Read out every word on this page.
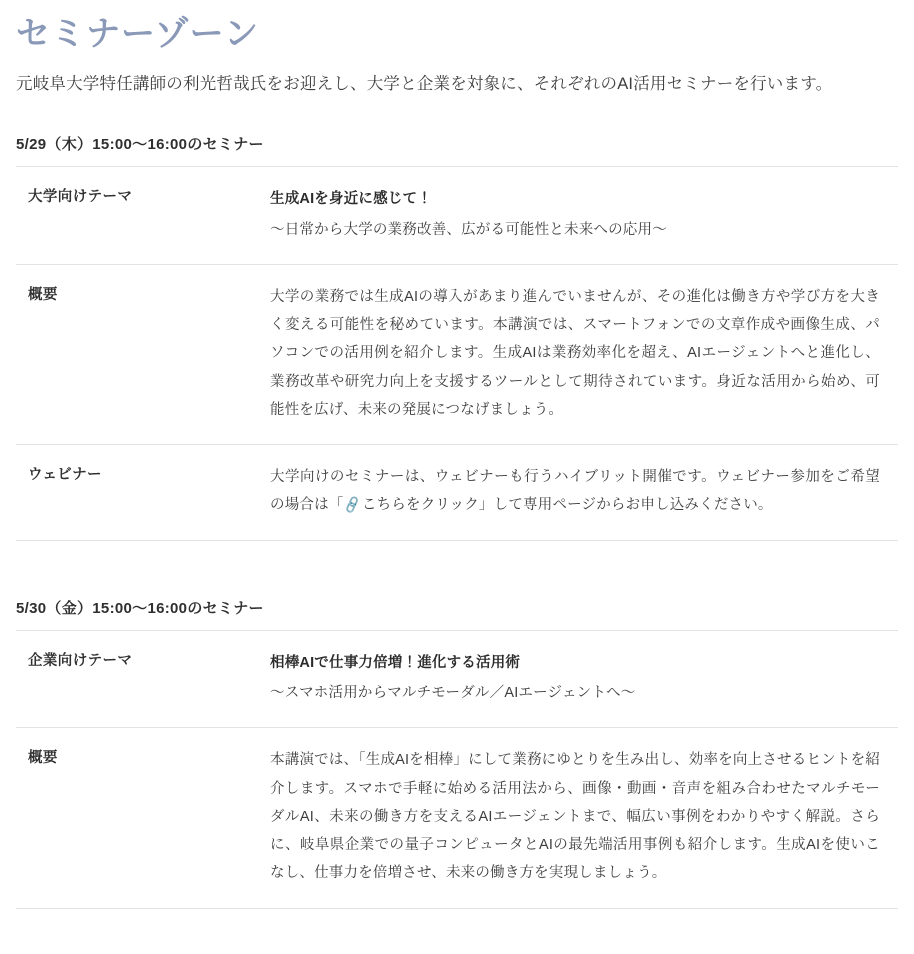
セミナーゾーン

元岐阜大学特任講師の利光哲哉氏をお迎えし、大学と企業を対象に、それぞれのAI活用セミナーを行います。

5/29（木）15:00〜16:00のセミナー
大学向けテーマ	生成AIを身近に感じて！
〜日常から大学の業務改善、広がる可能性と未来への応用〜

概要	大学の業務では生成AIの導入があまり進んでいませんが、その進化は働き方や学び方を大きく変える可能性を秘めています。本講演では、スマートフォンでの文章作成や画像生成、パソコンでの活用例を紹介します。生成AIは業務効率化を超え、AIエージェントへと進化し、業務改革や研究力向上を支援するツールとして期待されています。身近な活用から始め、可能性を広げ、未来の発展につなげましょう。
ウェビナー	大学向けのセミナーは、ウェビナーも行うハイブリット開催です。ウェビナー参加をご希望の場合は「🔗こちらをクリック」して専用ページからお申し込みください。
5/30（金）15:00〜16:00のセミナー
企業向けテーマ	相棒AIで仕事力倍増！進化する活用術
〜スマホ活用からマルチモーダル／AIエージェントへ〜

概要	本講演では、「生成AIを相棒」にして業務にゆとりを生み出し、効率を向上させるヒントを紹介します。スマホで手軽に始める活用法から、画像・動画・音声を組み合わせたマルチモーダルAI、未来の働き方を支えるAIエージェントまで、幅広い事例をわかりやすく解説。さらに、岐阜県企業での量子コンピュータとAIの最先端活用事例も紹介します。生成AIを使いこなし、仕事力を倍増させ、未来の働き方を実現しましょう。
